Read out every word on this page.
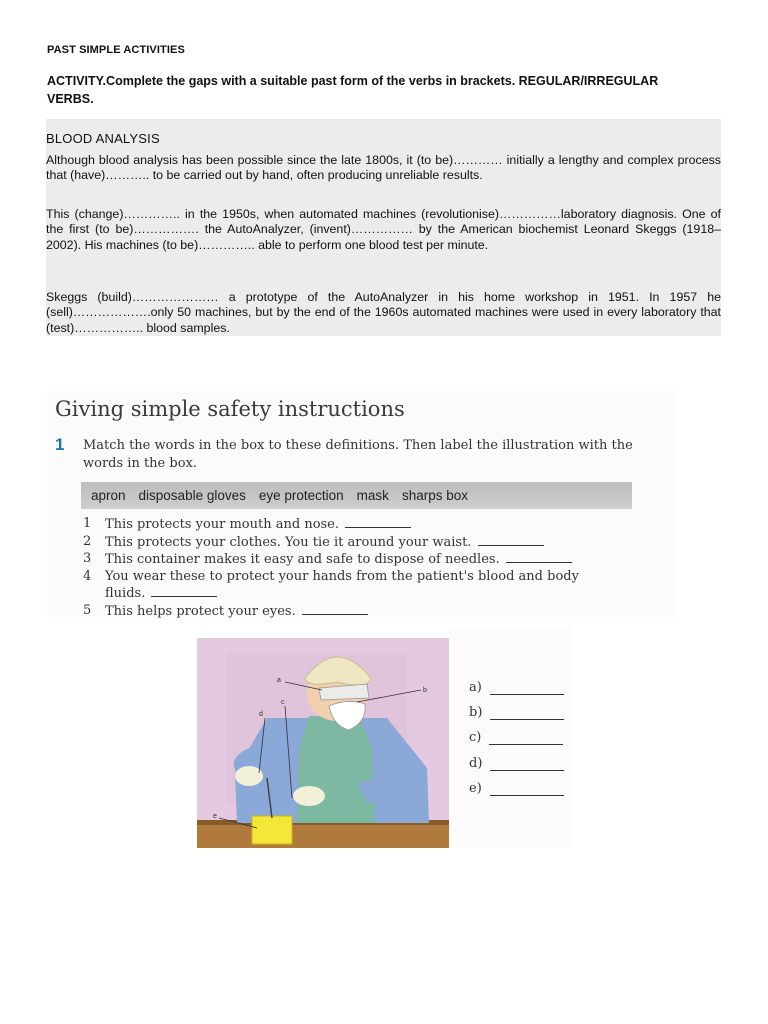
PAST SIMPLE ACTIVITIES
ACTIVITY.Complete the gaps with a suitable past form of the verbs in brackets. REGULAR/IRREGULAR VERBS.
BLOOD ANALYSIS

Although blood analysis has been possible since the late 1800s, it (to be)………… initially a lengthy and complex process that (have)……….. to be carried out by hand, often producing unreliable results.

This (change)………….. in the 1950s, when automated machines (revolutionise)……………laboratory diagnosis. One of the first (to be)……………. the AutoAnalyzer, (invent)…………… by the American biochemist Leonard Skeggs (1918–2002). His machines (to be)………….. able to perform one blood test per minute.

Skeggs (build)………………… a prototype of the AutoAnalyzer in his home workshop in 1951. In 1957 he (sell)……………….only 50 machines, but by the end of the 1960s automated machines were used in every laboratory that (test)…………….. blood samples.

Giving simple safety instructions
1 Match the words in the box to these definitions. Then label the illustration with the words in the box.
apron disposable gloves eye protection mask sharps box
1	This protects your mouth and nose.
2	This protects your clothes. You tie it around your waist.
3	This container makes it easy and safe to dispose of needles.
4	You wear these to protect your hands from the patient's blood and body
fluids.
5	This helps protect your eyes.
a
b
c
d
e
a)
b)
c)
d)
e)
